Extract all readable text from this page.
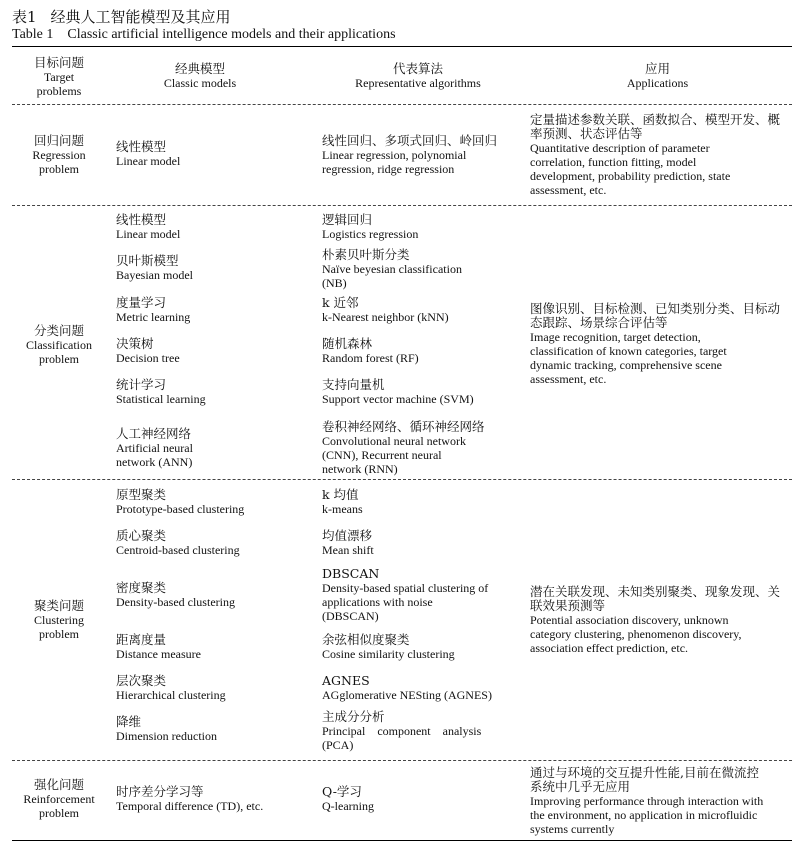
表1 经典人工智能模型及其应用
Table 1 Classic artificial intelligence models and their applications
目标问题
Target
problems
经典模型
Classic models
代表算法
Representative algorithms
应用
Applications
回归问题
Regression
problem
线性模型
Linear model
线性回归、多项式回归、岭回归
Linear regression, polynomial
regression, ridge regression
定量描述参数关联、函数拟合、模型开发、概
率预测、状态评估等
Quantitative description of parameter
correlation, function fitting, model
development, probability prediction, state
assessment, etc.
分类问题
Classification
problem
线性模型
Linear model
逻辑回归
Logistics regression
贝叶斯模型
Bayesian model
朴素贝叶斯分类
Naïve beyesian classification
(NB)
度量学习
Metric learning
k 近邻
k-Nearest neighbor (kNN)
决策树
Decision tree
随机森林
Random forest (RF)
统计学习
Statistical learning
支持向量机
Support vector machine (SVM)
人工神经网络
Artificial neural
network (ANN)
卷积神经网络、循环神经网络
Convolutional neural network
(CNN), Recurrent neural
network (RNN)
图像识别、目标检测、已知类别分类、目标动
态跟踪、场景综合评估等
Image recognition, target detection,
classification of known categories, target
dynamic tracking, comprehensive scene
assessment, etc.
聚类问题
Clustering
problem
原型聚类
Prototype-based clustering
k 均值
k-means
质心聚类
Centroid-based clustering
均值漂移
Mean shift
密度聚类
Density-based clustering
DBSCAN
Density-based spatial clustering of
applications with noise
(DBSCAN)
距离度量
Distance measure
余弦相似度聚类
Cosine similarity clustering
层次聚类
Hierarchical clustering
AGNES
AGglomerative NESting (AGNES)
降维
Dimension reduction
主成分分析
Principal    component    analysis
(PCA)
潜在关联发现、未知类别聚类、现象发现、关
联效果预测等
Potential association discovery, unknown
category clustering, phenomenon discovery,
association effect prediction, etc.
强化问题
Reinforcement
problem
时序差分学习等
Temporal difference (TD), etc.
Q-学习
Q-learning
通过与环境的交互提升性能,目前在微流控
系统中几乎无应用
Improving performance through interaction with
the environment, no application in microfluidic
systems currently
